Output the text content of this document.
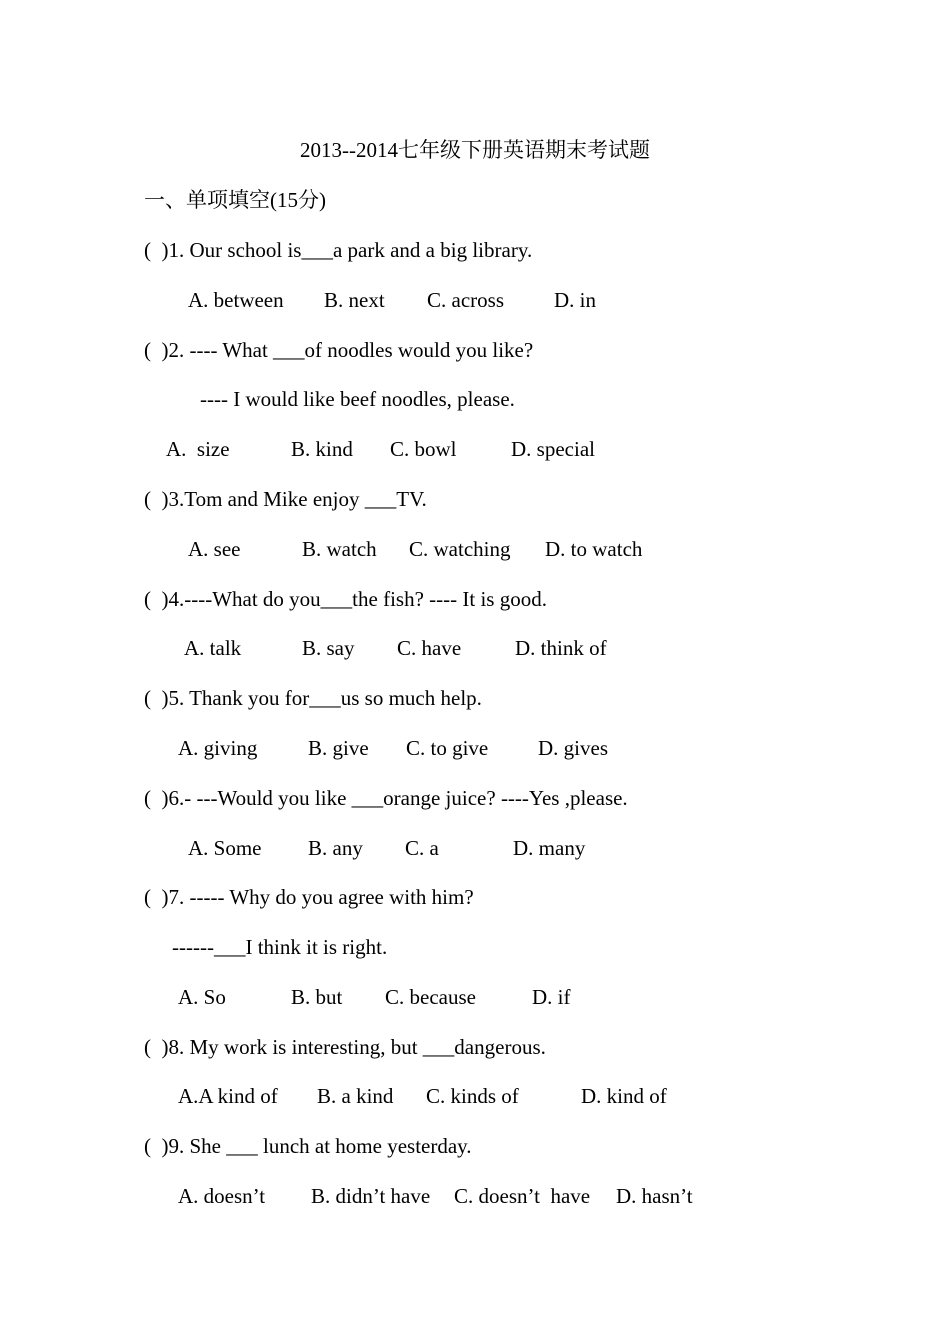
2013--2014七年级下册英语期末考试题
一、单项填空(15分)
(  )1. Our school is___a park and a big library.
A. between B. next C. across D. in
(  )2. ---- What ___of noodles would you like?
---- I would like beef noodles, please.
A.  size	B. kind C. bowl	D. special
(  )3.Tom and Mike enjoy ___TV.
A. see	B. watch C. watching D. to watch
(  )4.----What do you___the fish? ---- It is good.
A. talk	B. say C. have	D. think of
(  )5. Thank you for___us so much help.
A. giving B. give C. to give D. gives
(  )6.- ---Would you like ___orange juice? ----Yes ,please.
A. Some B. any C. a	D. many
(  )7. ----- Why do you agree with him?
------___I think it is right.
A. So	B. but C. because	D. if
(  )8. My work is interesting, but ___dangerous.
A.A kind of B. a kind C. kinds of	D. kind of
(  )9. She ___ lunch at home yesterday.
A. doesn’t B. didn’t have C. doesn’t  have D. hasn’t
